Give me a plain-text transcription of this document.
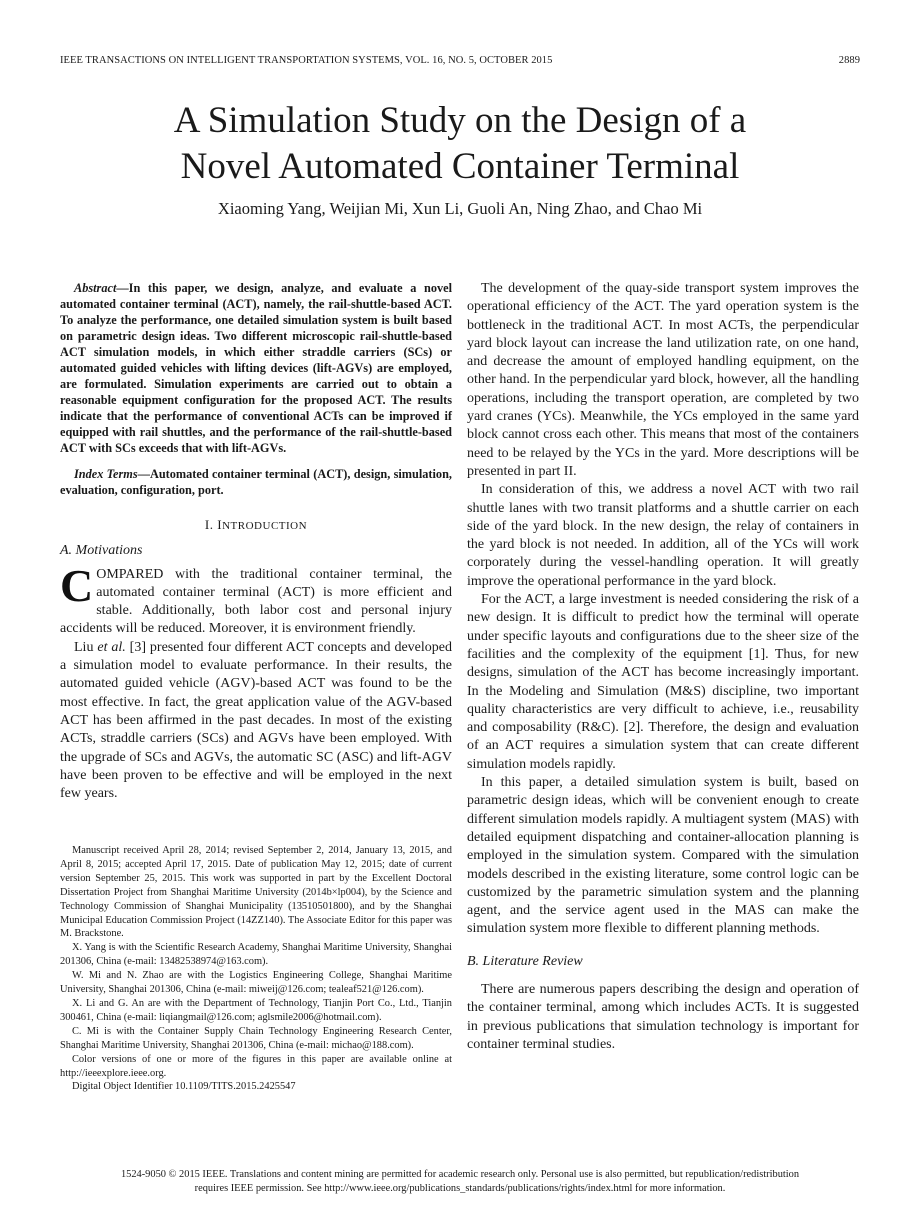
IEEE TRANSACTIONS ON INTELLIGENT TRANSPORTATION SYSTEMS, VOL. 16, NO. 5, OCTOBER 2015	2889
A Simulation Study on the Design of a
Novel Automated Container Terminal
Xiaoming Yang, Weijian Mi, Xun Li, Guoli An, Ning Zhao, and Chao Mi

Abstract—In this paper, we design, analyze, and evaluate a novel automated container terminal (ACT), namely, the rail-shuttle-based ACT. To analyze the performance, one detailed simulation system is built based on parametric design ideas. Two different microscopic rail-shuttle-based ACT simulation models, in which either straddle carriers (SCs) or automated guided vehicles with lifting devices (lift-AGVs) are employed, are formulated. Simulation experiments are carried out to obtain a reasonable equipment configuration for the proposed ACT. The results indicate that the performance of conventional ACTs can be improved if equipped with rail shuttles, and the performance of the rail-shuttle-based ACT with SCs exceeds that with lift-AGVs.

Index Terms—Automated container terminal (ACT), design, simulation, evaluation, configuration, port.

I. INTRODUCTION
A. Motivations

COMPARED with the traditional container terminal, the automated container terminal (ACT) is more efficient and stable. Additionally, both labor cost and personal injury accidents will be reduced. Moreover, it is environment friendly.

Liu et al. [3] presented four different ACT concepts and developed a simulation model to evaluate performance. In their results, the automated guided vehicle (AGV)-based ACT was found to be the most effective. In fact, the great application value of the AGV-based ACT has been affirmed in the past decades. In most of the existing ACTs, straddle carriers (SCs) and AGVs have been employed. With the upgrade of SCs and AGVs, the automatic SC (ASC) and lift-AGV have been proven to be effective and will be employed in the next few years.

Manuscript received April 28, 2014; revised September 2, 2014, January 13, 2015, and April 8, 2015; accepted April 17, 2015. Date of publication May 12, 2015; date of current version September 25, 2015. This work was supported in part by the Excellent Doctoral Dissertation Project from Shanghai Maritime University (2014b×lp004), by the Science and Technology Commission of Shanghai Municipality (13510501800), and by the Shanghai Municipal Education Commission Project (14ZZ140). The Associate Editor for this paper was M. Brackstone.

X. Yang is with the Scientific Research Academy, Shanghai Maritime University, Shanghai 201306, China (e-mail: 13482538974@163.com).

W. Mi and N. Zhao are with the Logistics Engineering College, Shanghai Maritime University, Shanghai 201306, China (e-mail: miweij@126.com; tealeaf521@126.com).

X. Li and G. An are with the Department of Technology, Tianjin Port Co., Ltd., Tianjin 300461, China (e-mail: liqiangmail@126.com; aglsmile2006@hotmail.com).

C. Mi is with the Container Supply Chain Technology Engineering Research Center, Shanghai Maritime University, Shanghai 201306, China (e-mail: michao@188.com).

Color versions of one or more of the figures in this paper are available online at http://ieeexplore.ieee.org.

Digital Object Identifier 10.1109/TITS.2015.2425547

The development of the quay-side transport system improves the operational efficiency of the ACT. The yard operation system is the bottleneck in the traditional ACT. In most ACTs, the perpendicular yard block layout can increase the land utilization rate, on one hand, and decrease the amount of employed handling equipment, on the other hand. In the perpendicular yard block, however, all the handling operations, including the transport operation, are completed by two yard cranes (YCs). Meanwhile, the YCs employed in the same yard block cannot cross each other. This means that most of the containers need to be relayed by the YCs in the yard. More descriptions will be presented in part II.

In consideration of this, we address a novel ACT with two rail shuttle lanes with two transit platforms and a shuttle carrier on each side of the yard block. In the new design, the relay of containers in the yard block is not needed. In addition, all of the YCs will work corporately during the vessel-handling operation. It will greatly improve the operational performance in the yard block.

For the ACT, a large investment is needed considering the risk of a new design. It is difficult to predict how the terminal will operate under specific layouts and configurations due to the sheer size of the facilities and the complexity of the equipment [1]. Thus, for new designs, simulation of the ACT has become increasingly important. In the Modeling and Simulation (M&S) discipline, two important quality characteristics are very difficult to achieve, i.e., reusability and composability (R&C). [2]. Therefore, the design and evaluation of an ACT requires a simulation system that can create different simulation models rapidly.

In this paper, a detailed simulation system is built, based on parametric design ideas, which will be convenient enough to create different simulation models rapidly. A multiagent system (MAS) with detailed equipment dispatching and container-allocation planning is employed in the simulation system. Compared with the simulation models described in the existing literature, some control logic can be customized by the parametric simulation system and the planning agent, and the service agent used in the MAS can make the simulation system more flexible to different planning methods.

B. Literature Review

There are numerous papers describing the design and operation of the container terminal, among which includes ACTs. It is suggested in previous publications that simulation technology is important for container terminal studies.

1524-9050 © 2015 IEEE. Translations and content mining are permitted for academic research only. Personal use is also permitted, but republication/redistribution
requires IEEE permission. See http://www.ieee.org/publications_standards/publications/rights/index.html for more information.
